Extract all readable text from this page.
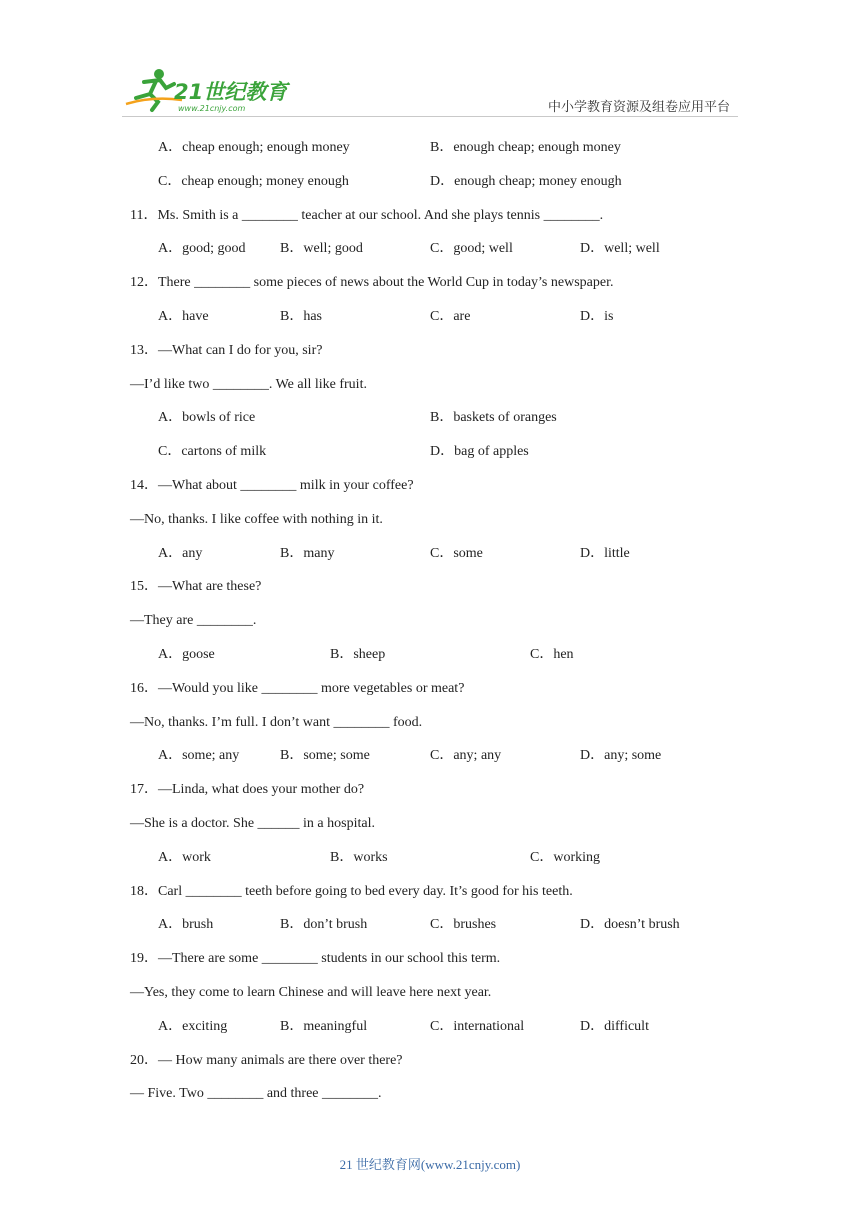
21世纪教育
www.21cnjy.com	中小学教育资源及组卷应用平台
A．cheap enough; enough money	B．enough cheap; enough money
C．cheap enough; money enough	D．enough cheap; money enough
11．Ms. Smith is a ________ teacher at our school. And she plays tennis ________.
A．good; good B．well; good	C．good; well	D．well; well
12．There ________ some pieces of news about the World Cup in today’s newspaper.
A．have	B．has	C．are	D．is
13．—What can I do for you, sir?
—I’d like two ________. We all like fruit.
A．bowls of rice	B．baskets of oranges
C．cartons of milk	D．bag of apples
14．—What about ________ milk in your coffee?
—No, thanks. I like coffee with nothing in it.
A．any	B．many	C．some	D．little
15．—What are these?
—They are ________.
A．goose	B．sheep	C．hen
16．—Would you like ________ more vegetables or meat?
—No, thanks. I’m full. I don’t want ________ food.
A．some; any	B．some; some	C．any; any	D．any; some
17．—Linda, what does your mother do?
—She is a doctor. She ______ in a hospital.
A．work	B．works	C．working
18．Carl ________ teeth before going to bed every day. It’s good for his teeth.
A．brush	B．don’t brush	C．brushes	D．doesn’t brush
19．—There are some ________ students in our school this term.
—Yes, they come to learn Chinese and will leave here next year.
A．exciting	B．meaningful	C．international	D．difficult
20．— How many animals are there over there?
— Five. Two ________ and three ________.
21 世纪教育网(www.21cnjy.com)
